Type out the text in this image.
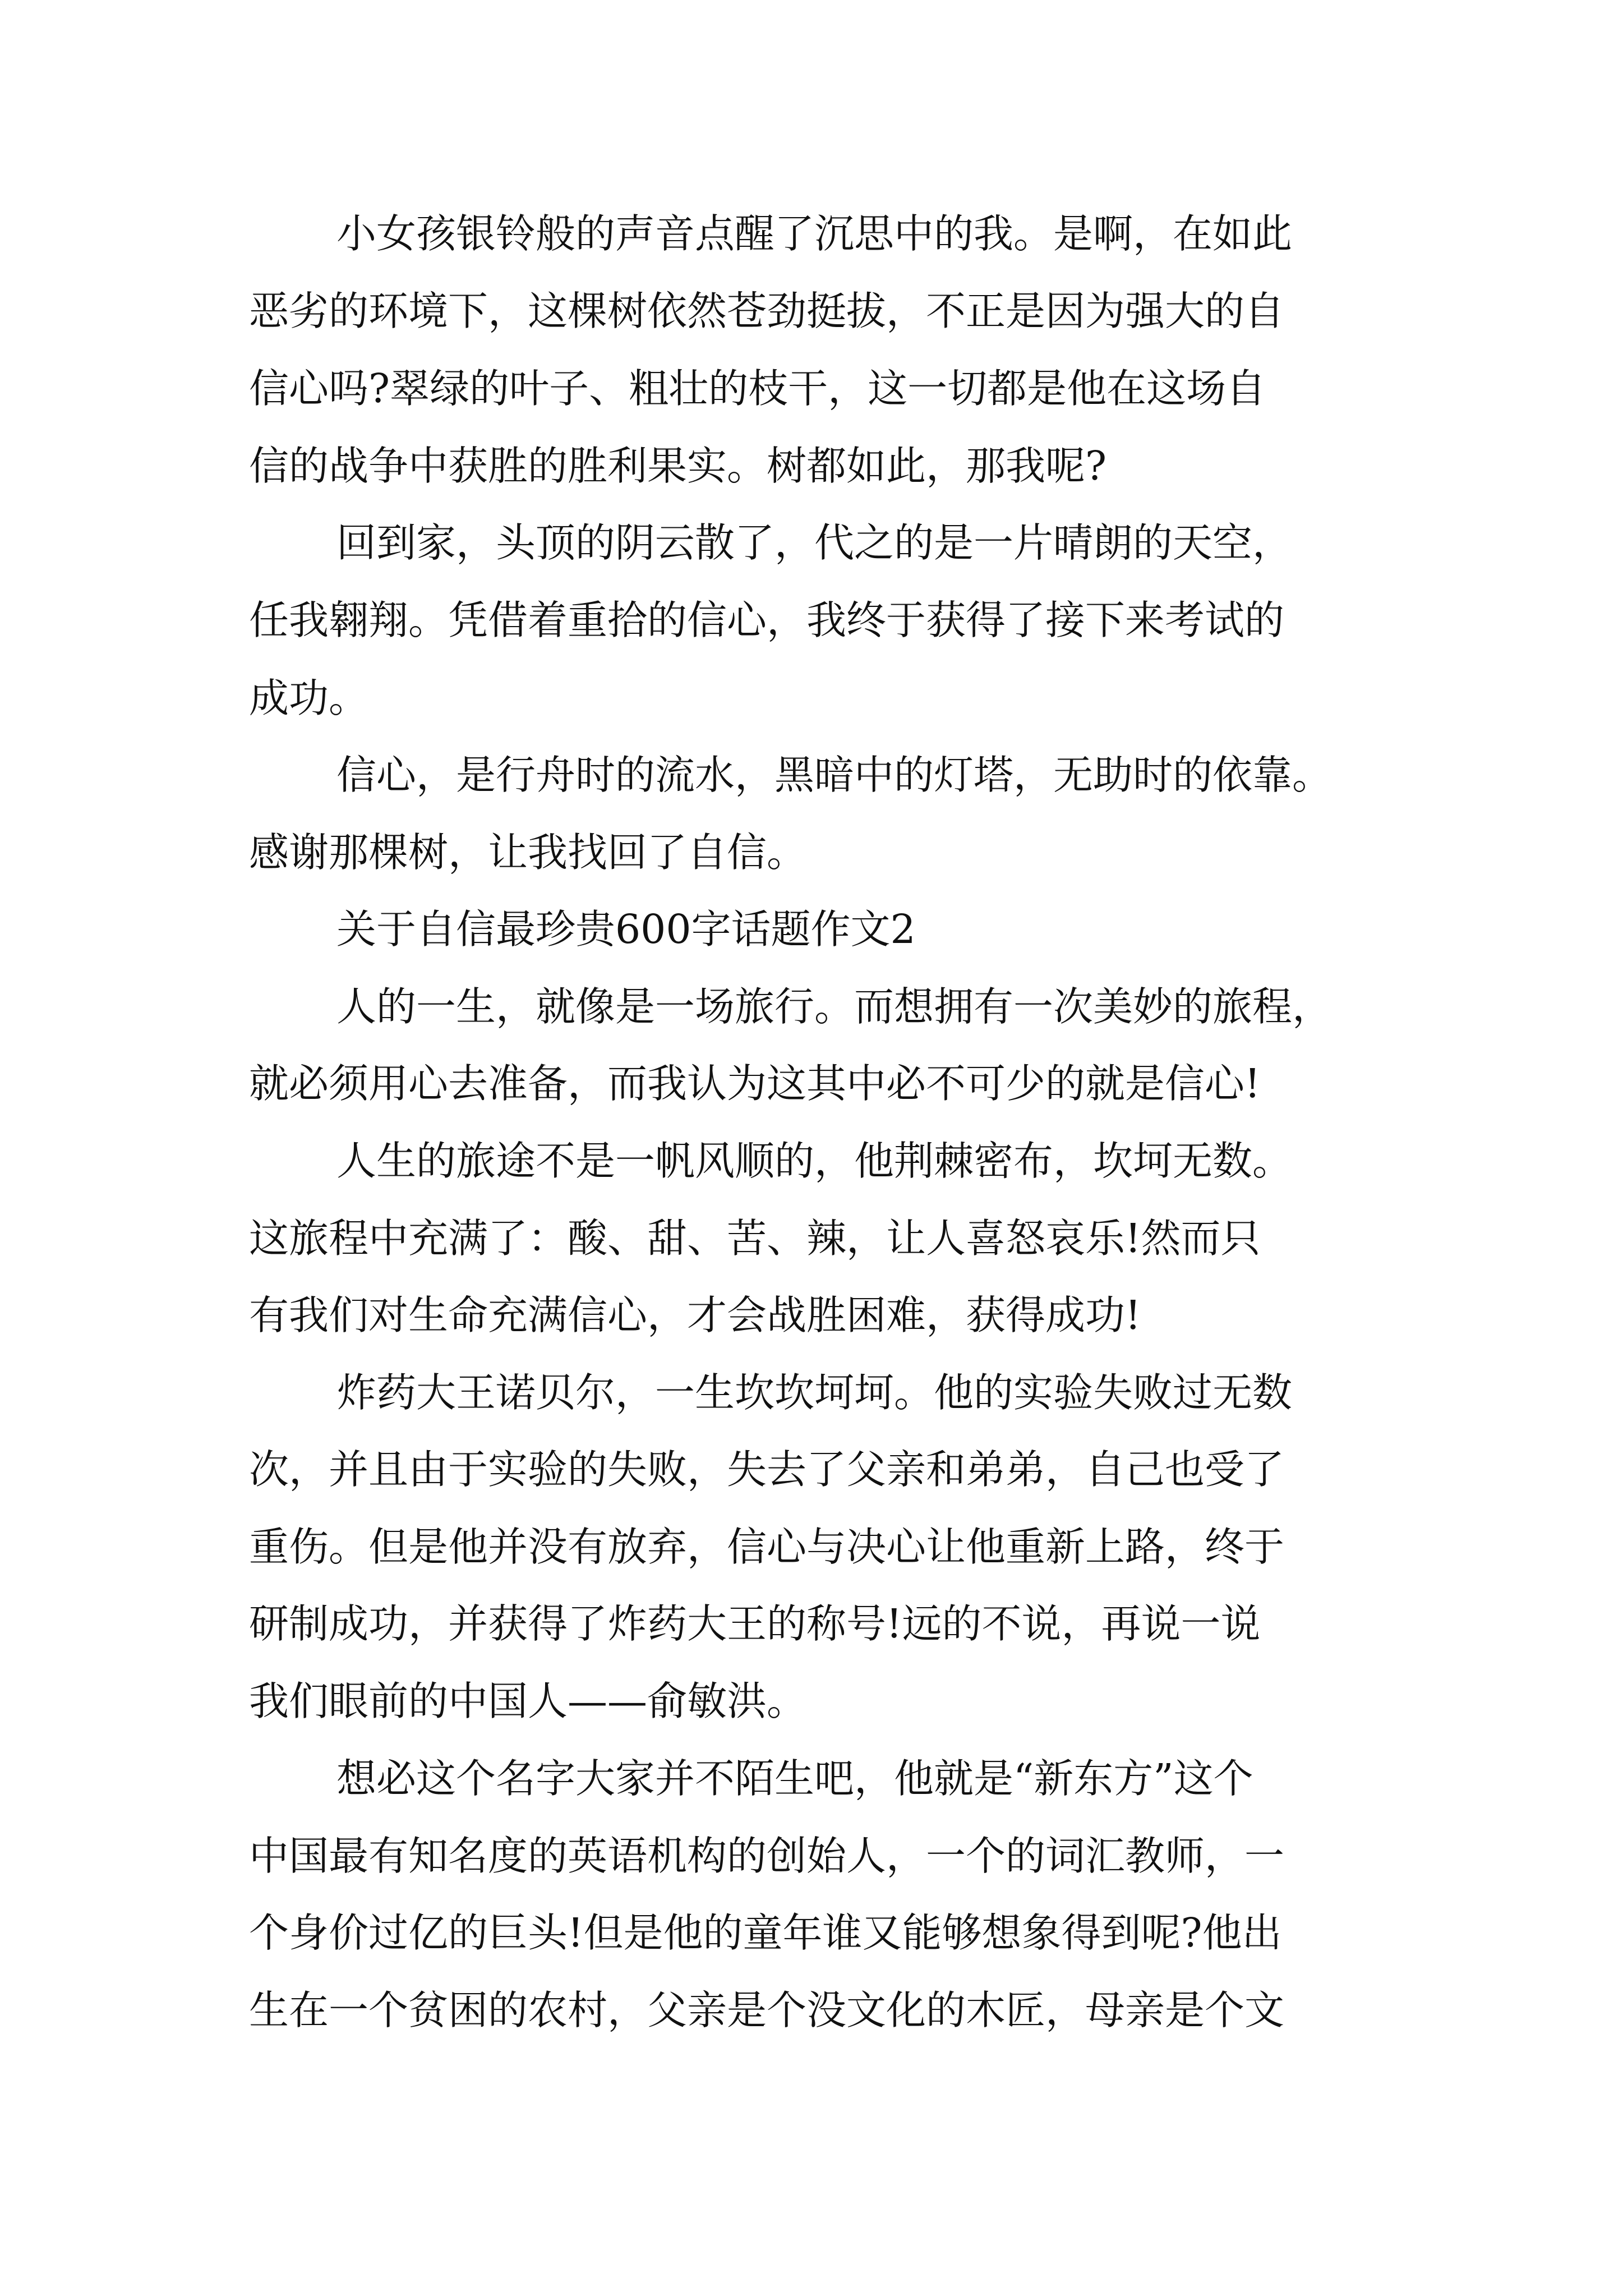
小女孩银铃般的声音点醒了沉思中的我。是啊，在如此
恶劣的环境下，这棵树依然苍劲挺拔，不正是因为强大的自
信心吗?翠绿的叶子、粗壮的枝干，这一切都是他在这场自
信的战争中获胜的胜利果实。树都如此，那我呢?
回到家，头顶的阴云散了，代之的是一片晴朗的天空，
任我翱翔。凭借着重拾的信心，我终于获得了接下来考试的
成功。
信心，是行舟时的流水，黑暗中的灯塔，无助时的依靠。
感谢那棵树，让我找回了自信。
关于自信最珍贵600字话题作文2
人的一生，就像是一场旅行。而想拥有一次美妙的旅程，
就必须用心去准备，而我认为这其中必不可少的就是信心!
人生的旅途不是一帆风顺的，他荆棘密布，坎坷无数。
这旅程中充满了：酸、甜、苦、辣，让人喜怒哀乐!然而只
有我们对生命充满信心，才会战胜困难，获得成功!
炸药大王诺贝尔，一生坎坎坷坷。他的实验失败过无数
次，并且由于实验的失败，失去了父亲和弟弟，自己也受了
重伤。但是他并没有放弃，信心与决心让他重新上路，终于
研制成功，并获得了炸药大王的称号!远的不说，再说一说
我们眼前的中国人——俞敏洪。
想必这个名字大家并不陌生吧，他就是“新东方”这个
中国最有知名度的英语机构的创始人，一个的词汇教师，一
个身价过亿的巨头!但是他的童年谁又能够想象得到呢?他出
生在一个贫困的农村，父亲是个没文化的木匠，母亲是个文
